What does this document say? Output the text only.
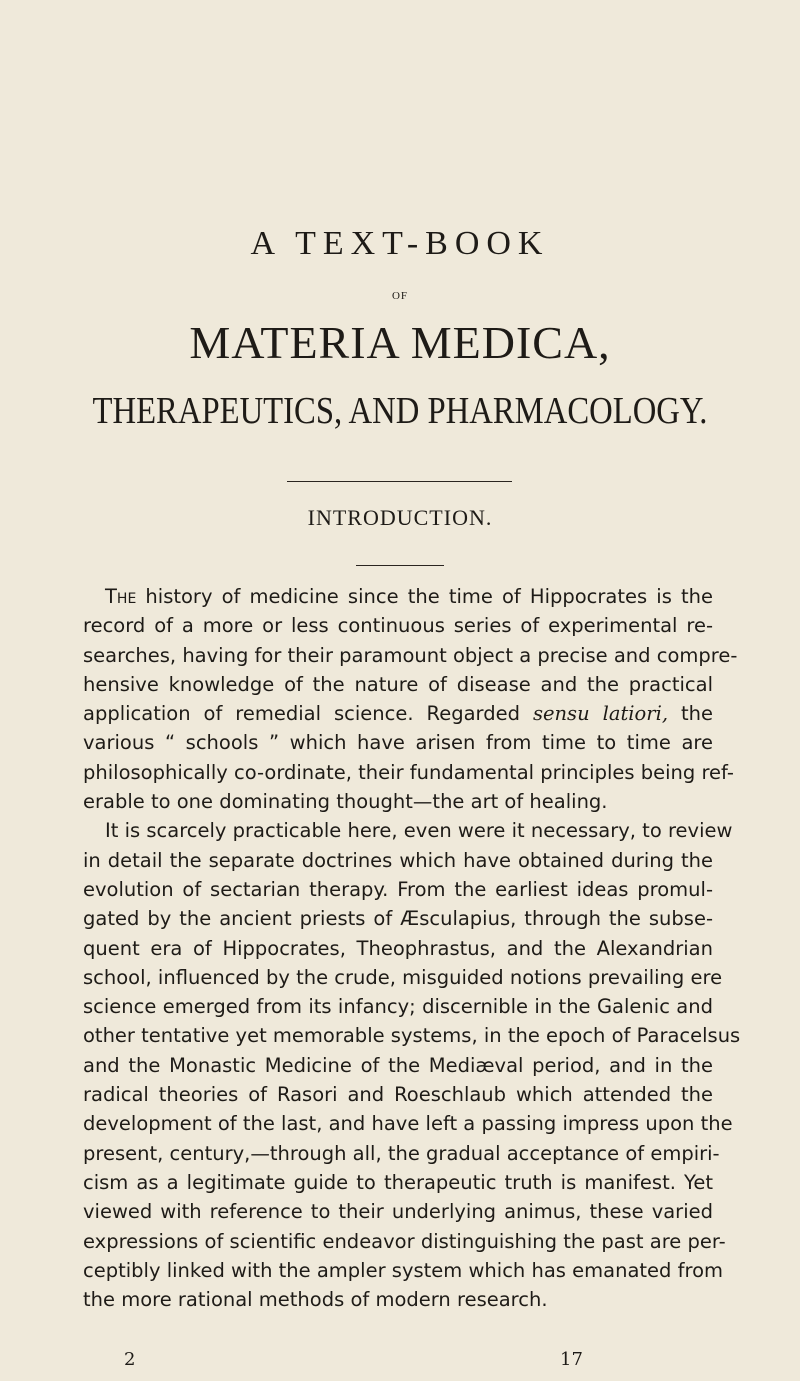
A TEXT-BOOK
OF
MATERIA MEDICA,
THERAPEUTICS, AND PHARMACOLOGY.
INTRODUCTION.
The history of medicine since the time of Hippocrates is the
record of a more or less continuous series of experimental re-
searches, having for their paramount object a precise and compre-
hensive knowledge of the nature of disease and the practical
application of remedial science. Regarded sensu latiori, the
various “ schools ” which have arisen from time to time are
philosophically co-ordinate, their fundamental principles being ref-
erable to one dominating thought—the art of healing.
It is scarcely practicable here, even were it necessary, to review
in detail the separate doctrines which have obtained during the
evolution of sectarian therapy. From the earliest ideas promul-
gated by the ancient priests of Æsculapius, through the subse-
quent era of Hippocrates, Theophrastus, and the Alexandrian
school, influenced by the crude, misguided notions prevailing ere
science emerged from its infancy; discernible in the Galenic and
other tentative yet memorable systems, in the epoch of Paracelsus
and the Monastic Medicine of the Mediæval period, and in the
radical theories of Rasori and Roeschlaub which attended the
development of the last, and have left a passing impress upon the
present, century,—through all, the gradual acceptance of empiri-
cism as a legitimate guide to therapeutic truth is manifest. Yet
viewed with reference to their underlying animus, these varied
expressions of scientific endeavor distinguishing the past are per-
ceptibly linked with the ampler system which has emanated from
the more rational methods of modern research.
2	17
